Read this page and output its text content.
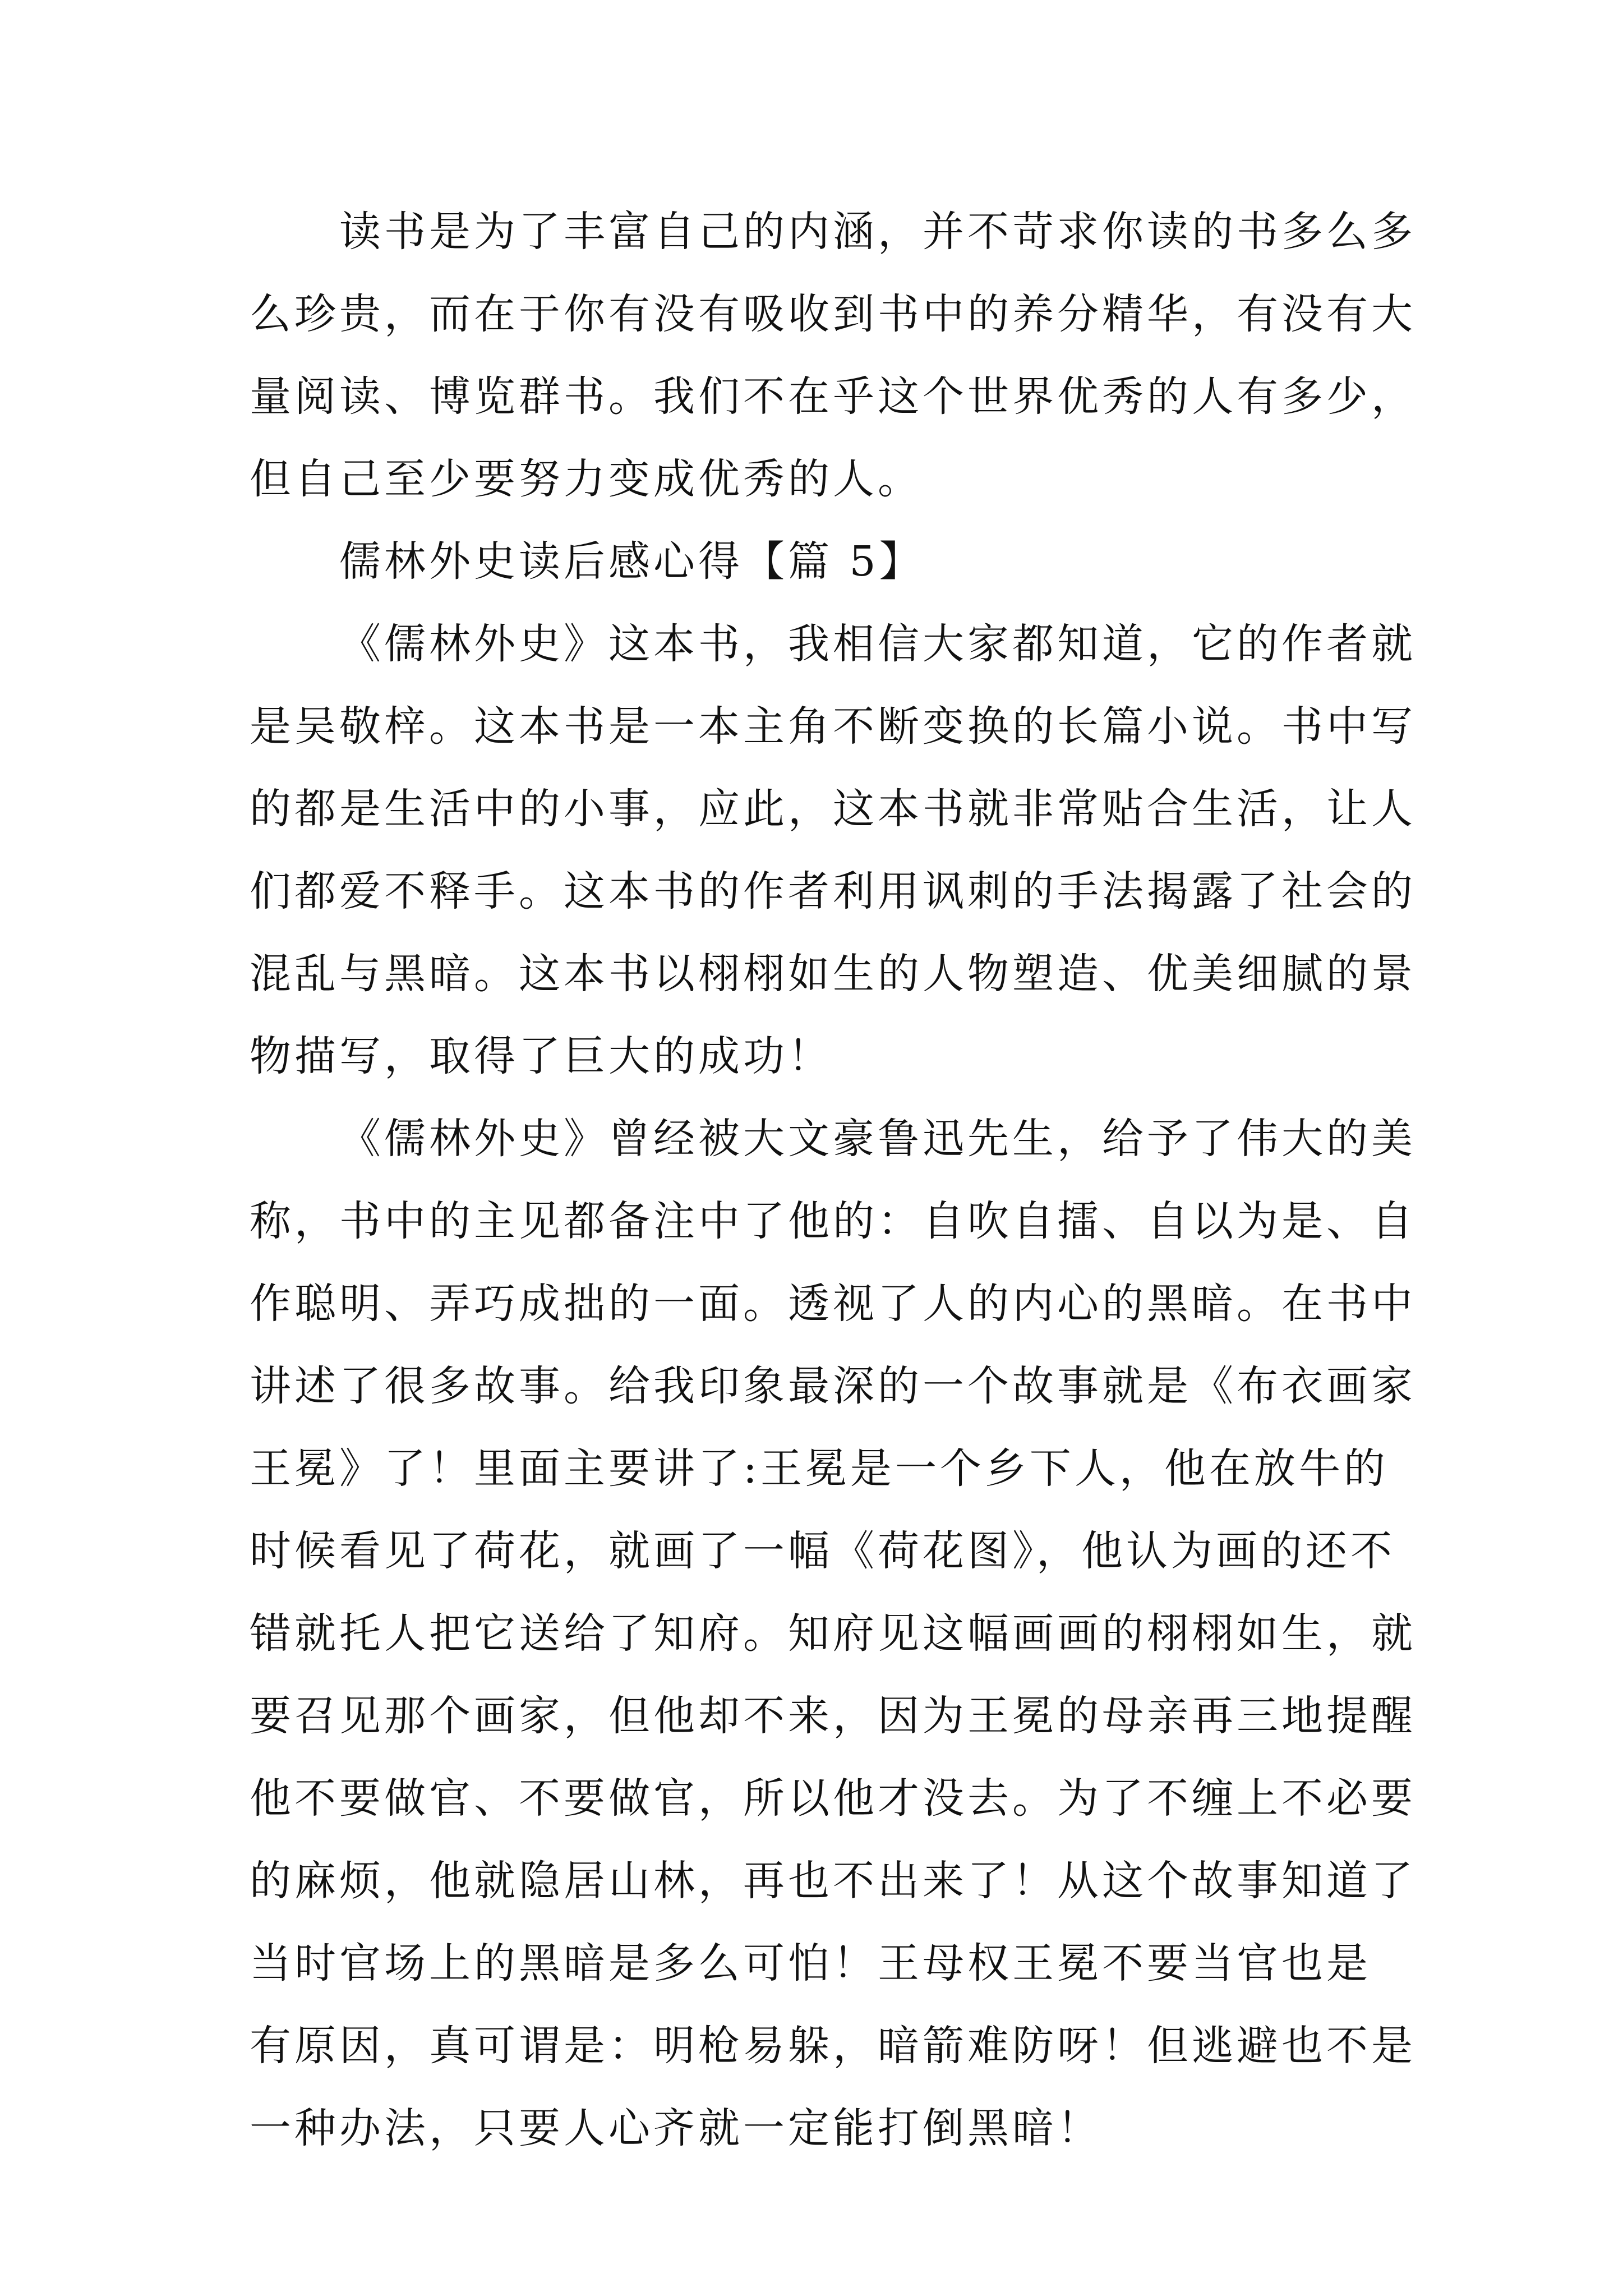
读书是为了丰富自己的内涵，并不苛求你读的书多么多
么珍贵，而在于你有没有吸收到书中的养分精华，有没有大
量阅读、博览群书。我们不在乎这个世界优秀的人有多少，
但自己至少要努力变成优秀的人。
儒林外史读后感心得【篇 5】
《儒林外史》这本书，我相信大家都知道，它的作者就
是吴敬梓。这本书是一本主角不断变换的长篇小说。书中写
的都是生活中的小事，应此，这本书就非常贴合生活，让人
们都爱不释手。这本书的作者利用讽刺的手法揭露了社会的
混乱与黑暗。这本书以栩栩如生的人物塑造、优美细腻的景
物描写，取得了巨大的成功！
《儒林外史》曾经被大文豪鲁迅先生，给予了伟大的美
称，书中的主见都备注中了他的：自吹自擂、自以为是、自
作聪明、弄巧成拙的一面。透视了人的内心的黑暗。在书中
讲述了很多故事。给我印象最深的一个故事就是《布衣画家
王冕》了！里面主要讲了:王冕是一个乡下人，他在放牛的
时候看见了荷花，就画了一幅《荷花图》，他认为画的还不
错就托人把它送给了知府。知府见这幅画画的栩栩如生，就
要召见那个画家，但他却不来，因为王冕的母亲再三地提醒
他不要做官、不要做官，所以他才没去。为了不缠上不必要
的麻烦，他就隐居山林，再也不出来了！从这个故事知道了
当时官场上的黑暗是多么可怕！王母权王冕不要当官也是
有原因，真可谓是：明枪易躲，暗箭难防呀！但逃避也不是
一种办法，只要人心齐就一定能打倒黑暗！
